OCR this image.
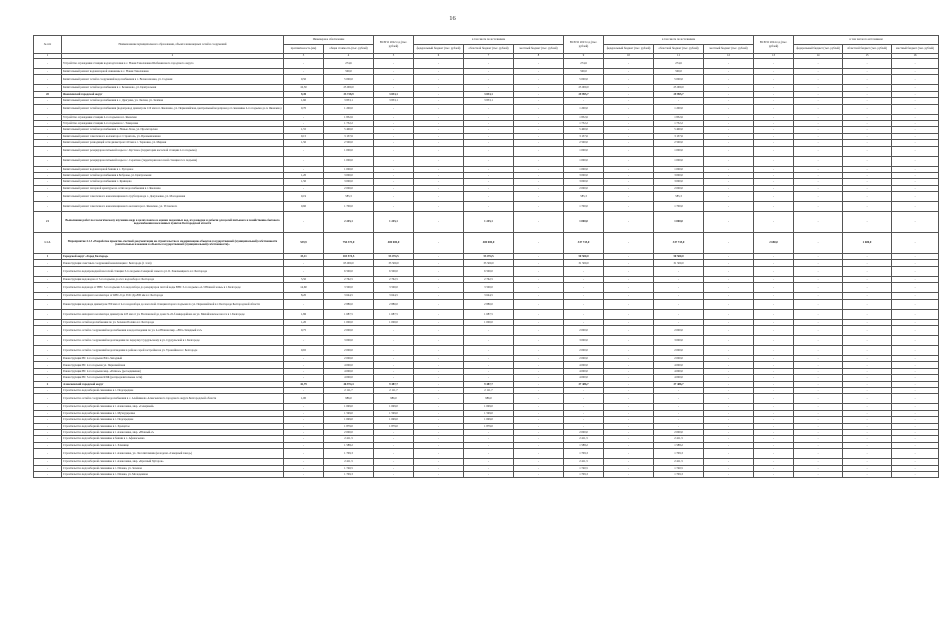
16
№ п/п	Наименование муниципального образования, объекта инженерных сетей и сооружений	Инженерное обеспечение		ВСЕГО 2022 год (тыс. рублей)	в том числе по источникам			ВСЕГО 2023 год (тыс. рублей)	в том числе по источникам			ВСЕГО 2024 год (тыс. рублей)	в том числе по источникам		
		протяжён-ность (км)	общая стоимость (тыс. рублей)		федеральный бюджет (тыс. рублей)	областной бюджет (тыс. рублей)	местный бюджет (тыс. рублей)		федеральный бюджет (тыс. рублей)	областной бюджет (тыс. рублей)	местный бюджет (тыс. рублей)		федеральный бюджет (тыс. рублей)	областной бюджет (тыс. рублей)	местный бюджет (тыс. рублей)

1	2	3	4	5	6	7	8	9	10	11	12	13	14	15	16
-	Устройство ограждения станции водоподготовки в с. Новая Таволжанка Шебекинского городского округа	-	274,6	-	-	-	-	274,6	-	274,6	-	-	-	-	-
-	Капитальный ремонт водонапорной скважины в с. Новая Таволжанка	-	500,0	-	-	-	-	500,0	-	500,0	-	-	-	-	-
-	Капитальный ремонт сетей и сооружений водоснабжения в с. Вознесеновка, ул. Садовая	0,50	5 000,0	-	-	-	-	5 000,0	-	5 000,0	-	-	-	-	-
-	Капитальный ремонт сетей водоснабжения в с. Безменово, ул. Центральная	16,50	25 000,0	-	-	-	-	25 000,0	-	25 000,0	-	-	-	-	-
20	Яковлевский городской округ	9,49	33 728,9	3 833,1	-	3 833,1	-	29 895,7	-	29 895,7	-	-	-	-	-
-	Капитальный ремонт сетей водоснабжения в с. Драгунка, ул. Лесная, ул. Зелёная	1,60	3 833,1	3 833,1	-	3 833,1	-	-	-	-	-	-	-	-	-
-	Капитальный ремонт сетей водоснабжения (водопровод диаметром 110 мм в п. Яковлево, ул. Первомайская, центральный водопровод от скважины 2-го подъема до п. Яковлево)	0,70	1 200,0	-	-	-	-	1 200,0	-	1 200,0	-	-	-	-	-
-	Устройство ограждения станции 2-го подъема в п. Яковлево	-	1 832,6	-	-	-	-	1 832,6	-	1 832,6	-	-	-	-	-
-	Устройство ограждения станции 2-го подъема в с. Томаровка	-	1 752,2	-	-	-	-	1 752,2	-	1 752,2	-	-	-	-	-
-	Капитальный ремонт сетей водоснабжения с. Новые Лозы, ул. Пролетарская	1,55	5 400,0	-	-	-	-	5 400,0	-	5 400,0	-	-	-	-	-
-	Капитальный ремонт самотечного коллектора г. Строитель, ул. Промышленная	0,15	3 137,6	-	-	-	-	3 137,6	-	3 137,6	-	-	-	-	-
-	Капитальный ремонт разводящей сети диаметром 110 мм в с. Терновка, ул. Мирная	1,50	2 500,0	-	-	-	-	2 500,0	-	2 500,0	-	-	-	-	-
-	Капитальный ремонт резервуаров питьевой воды в с. Кустовое (территория насосной станции 2-го подъема)	-	1 000,0	-	-	-	-	1 000,0	-	1 000,0	-	-	-	-	-
-	Капитальный ремонт резервуаров питьевой воды в с. Серетино (территория насосной станции 2-го подъема)	-	1 000,0	-	-	-	-	1 000,0	-	1 000,0	-	-	-	-	-
-	Капитальный ремонт водонапорной башни в с. Хуторное	-	1 000,0	-	-	-	-	1 000,0	-	1 000,0	-	-	-	-	-
-	Капитальный ремонт сетей водоснабжения в Бобровы, ул. Центральная	1,20	3 000,0	-	-	-	-	3 000,0	-	3 000,0	-	-	-	-	-
-	Капитальный ремонт сетей водоснабжения с. Кривцово	1,50	3 000,0	-	-	-	-	3 000,0	-	3 000,0	-	-	-	-	-
-	Капитальный ремонт запорной арматуры на сетях водоснабжения в г. Яковлево	-	2 000,0	-	-	-	-	2 000,0	-	2 000,0	-	-	-	-	-
-	Капитальный ремонт самотечного канализационного трубопровода с. Докучаевка, ул. Молодежная	0,19	585,3	-	-	-	-	585,3	-	585,3	-	-	-	-	-
-	Капитальный ремонт самотечного канализационного коллектора п. Яковлево, ул. Угловского	0,60	1 700,0	-	-	-	-	1 700,0	-	1 700,0	-	-	-	-	-
21	Выполнение работ по геологическому изучению недр в целях поиска и оценки подземных вод, их разведки и добычи для целей питьевого и хозяйственно-бытового водоснабжения населенных пунктов Белгородской области	-	2 245,1	1 245,1	-	1 245,1	-	1 000,0	-	1 000,0	-	-	-	-	-
1.1.3.	Мероприятие 4.1.3 «Разработка проектно-сметной документации на строительство и модернизацию объектов государственной (муниципальной) собственности (капитальные вложения в объекты государственной (муниципальной) собственности)»	539,9	750 375,0	400 000,0	-	400 000,0	-	347 735,0	-	347 735,0	-	2 680,0	-	2 680,0	-
1	Городской округ «Город Белгород»	33,11	103 574,5	53 074,5	-	53 074,5	-	50 500,0	-	50 500,0	-	-	-	-	-
-	Реконструкция очистных сооружений канализации г. Белгорода (1 этап)	-	65 000,0	33 500,0	-	33 500,0	-	31 500,0	-	31 500,0	-	-	-	-	-
-	Строительство водопроводной насосной станции 3-го подъема Северной зоны по ул. Б. Хмельницкого в г. Белгороде	-	6 500,0	6 500,0	-	6 500,0	-	-	-	-	-	-	-	-	-
-	Реконструкция водоводов от 3-го подъема до 2-го водозабора г. Белгорода	5,50	2 762,5	2 762,5	-	2 762,5	-	-	-	-	-	-	-	-	-
-	Строительство водовода от ВНС 3-го подъема 3-го водозабора до резервуаров чистой воды ВНС 3-го подъема «2-3 Южной зоны» в г. Белгороде	14,60	3 500,0	3 500,0	-	3 500,0	-	-	-	-	-	-	-	-	-
-	Строительство напорного коллектора от КНС-9 до ГОС Др-800 мм в г. Белгороде	8,20	3 644,5	3 644,5	-	3 644,5	-	-	-	-	-	-	-	-	-
-	Реконструкция водовода диаметром 700 мм от 4-го водозабора до насосной станции второго подъема по ул. Первомайской в г. Белгороде Белгородской области	-	2 880,0	2 880,0	-	2 880,0	-	-	-	-	-	-	-	-	-
-	Строительство напорного коллектора диаметром 225 мм от ул. Волчанской до дома № 22-б микрорайона на ул. Михайловское шоссе в г. Белгороде	1,86	1 687,5	1 687,5	-	1 687,5	-	-	-	-	-	-	-	-	-
-	Строительство сетей водоснабжения по ул. Зеленая Поляна в г. Белгороде	1,20	1 000,0	1 000,0	-	1 000,0	-	-	-	-	-	-	-	-	-
-	Строительство сетей и сооружений водоснабжения и водоотведения по ул. 4-я Южная мкр. «Юго-Западный 2.2»	0,75	2 000,0	-	-	-	-	2 000,0	-	2 000,0	-	-	-	-	-
-	Строительство сетей и сооружений водоотведения по переулку Сурдульскому и ул. Сурдульской в г. Белгороде	-	3 000,0	-	-	-	-	3 000,0	-	3 000,0	-	-	-	-	-
-	Строительство сетей и сооружений водоотведения в районе серой застройки на ул. Урожайная в г. Белгороде	0,65	2 000,0	-	-	-	-	2 000,0	-	2 000,0	-	-	-	-	-
-	Реконструкция НС 2-го подъема Юго-Западный	-	2 000,0	-	-	-	-	2 000,0	-	2 000,0	-	-	-	-	-
-	Реконструкция НС 2-го подъема ул. Первомайская	-	4 000,0	-	-	-	-	4 000,0	-	4 000,0	-	-	-	-	-
-	Реконструкция НС 2-го подъема мкр. «Репное» (ресоединение)	-	4 000,0	-	-	-	-	4 000,0	-	4 000,0	-	-	-	-	-
-	Реконструкция НС 3-го подъема КЗЖ (распределительные сети)	-	4 000,0	-	-	-	-	4 000,0	-	4 000,0	-	-	-	-	-
2	Алексеевский городской округ	42,79	46 974,4	9 487,7	-	9 487,7	-	37 486,7	-	37 486,7	-	-	-	-	-
-	Строительство водозаборной скважины в с. Подсереднее	-	2 111,7	2 111,7	-	2 111,7	-	-	-	-	-	-	-	-	-
-	Строительство сетей и сооружений водоснабжения в с. Алейниково Алексеевского городского округа Белгородской области	1,00	986,0	986,0	-	986,0	-	-	-	-	-	-	-	-	-
-	Строительство водозаборной скважины в г. Алексеевка, мкр. «Северный»	-	1 699,0	1 699,0	-	1 699,0	-	-	-	-	-	-	-	-	-
-	Строительство водозаборной скважины в с. Мухоудеровка	-	1 599,0	1 599,0	-	1 599,0	-	-	-	-	-	-	-	-	-
-	Строительство водозаборной скважины в с. Подсереднее	-	1 699,0	1 699,0	-	1 699,0	-	-	-	-	-	-	-	-	-
-	Строительство водозаборной скважины в с. Хрещатое	-	1 879,0	1 879,0	-	1 879,0	-	-	-	-	-	-	-	-	-
-	Строительство водозаборной скважины в г. Алексеевка, мкр. «Южный-2»	-	2 000,0	-	-	-	-	2 000,0	-	2 000,0	-	-	-	-	-
-	Строительство водозаборной скважины и башни в с. Афанасьевка	-	2 411,5	-	-	-	-	2 411,5	-	2 411,5	-	-	-	-	-
-	Строительство водозаборной скважины в с. Хлевище	-	1 588,2	-	-	-	-	1 588,2	-	1 588,2	-	-	-	-	-
-	Строительство водозаборной скважины в г. Алексеевка, ул. Лесопитомник (колодезм «Северный завод»)	-	1 709,3	-	-	-	-	1 709,3	-	1 709,3	-	-	-	-	-
-	Строительство водозаборной скважины в г. Алексеевка, мкр. «Красный Хуторок»	-	2 411,5	-	-	-	-	2 411,5	-	2 411,5	-	-	-	-	-
-	Строительство водозаборной скважины в с. Иловка, ул. Зеленая	-	1 740,5	-	-	-	-	1 740,5	-	1 740,5	-	-	-	-	-
-	Строительство водозаборной скважины в с. Иловка, ул. Молодежная	-	1 709,3	-	-	-	-	1 709,3	-	1 709,3	-	-	-	-	-
